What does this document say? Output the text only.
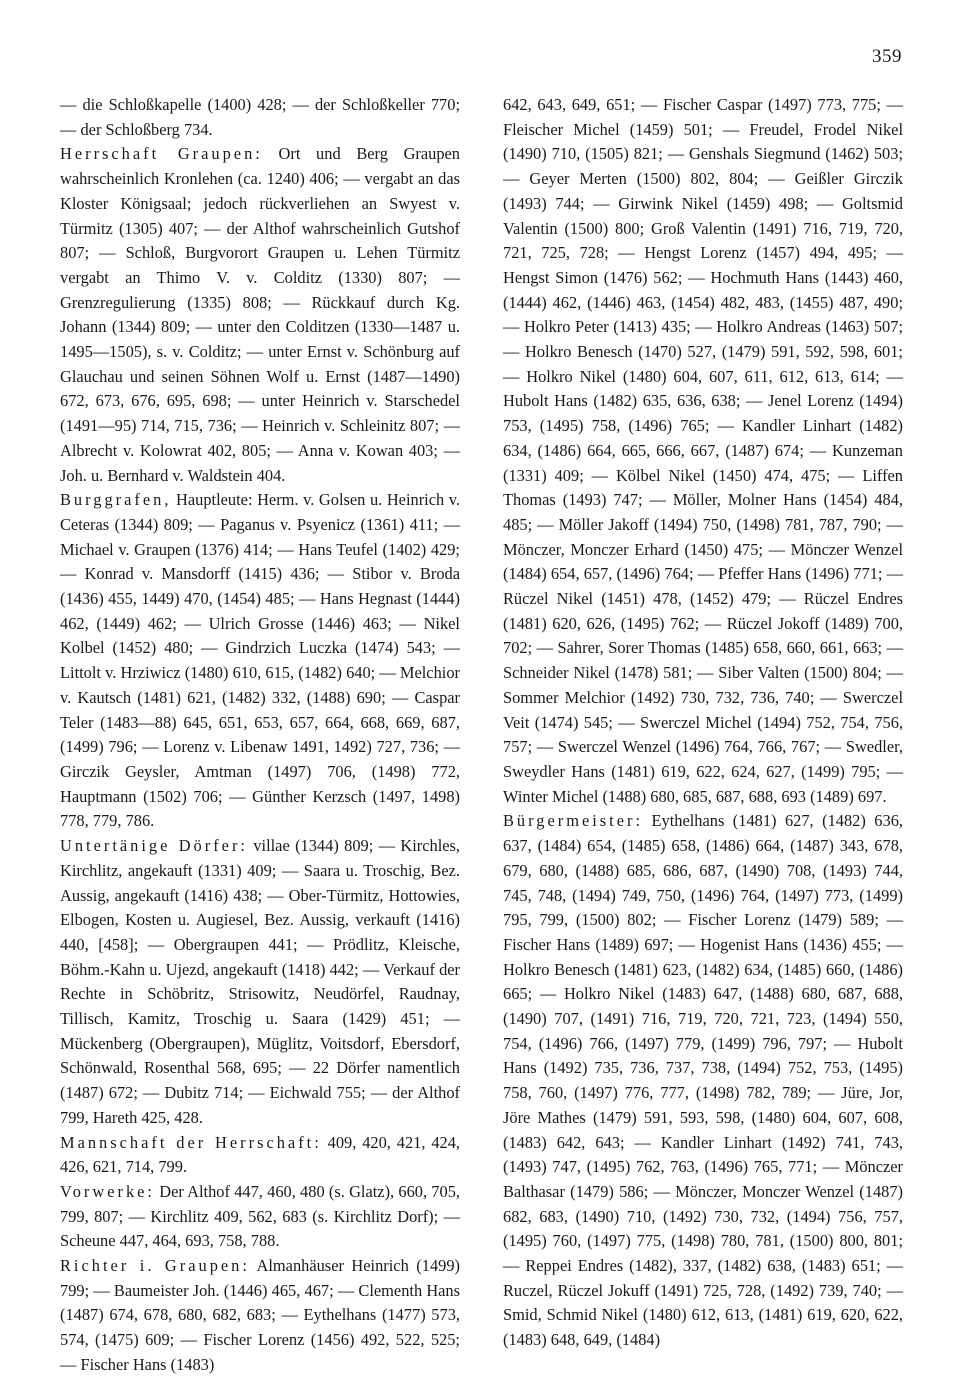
359

— die Schloßkapelle (1400) 428; — der Schloßkeller 770; — der Schloßberg 734.

Herrschaft Graupen: Ort und Berg Graupen wahrscheinlich Kronlehen (ca. 1240) 406; — vergabt an das Kloster Königsaal; jedoch rückverliehen an Swyest v. Türmitz (1305) 407; — der Althof wahrscheinlich Gutshof 807; — Schloß, Burgvorort Graupen u. Lehen Türmitz vergabt an Thimo V. v. Colditz (1330) 807; — Grenzregulierung (1335) 808; — Rückkauf durch Kg. Johann (1344) 809; — unter den Colditzen (1330—1487 u. 1495—1505), s. v. Colditz; — unter Ernst v. Schönburg auf Glauchau und seinen Söhnen Wolf u. Ernst (1487—1490) 672, 673, 676, 695, 698; — unter Heinrich v. Starschedel (1491—95) 714, 715, 736; — Heinrich v. Schleinitz 807; — Albrecht v. Kolowrat 402, 805; — Anna v. Kowan 403; — Joh. u. Bernhard v. Waldstein 404.

Burggrafen, Hauptleute: Herm. v. Golsen u. Heinrich v. Ceteras (1344) 809; — Paganus v. Psyenicz (1361) 411; — Michael v. Graupen (1376) 414; — Hans Teufel (1402) 429; — Konrad v. Mansdorff (1415) 436; — Stibor v. Broda (1436) 455, 1449) 470, (1454) 485; — Hans Hegnast (1444) 462, (1449) 462; — Ulrich Grosse (1446) 463; — Nikel Kolbel (1452) 480; — Gindrzich Luczka (1474) 543; — Littolt v. Hrziwicz (1480) 610, 615, (1482) 640; — Melchior v. Kautsch (1481) 621, (1482) 332, (1488) 690; — Caspar Teler (1483—88) 645, 651, 653, 657, 664, 668, 669, 687, (1499) 796; — Lorenz v. Libenaw 1491, 1492) 727, 736; — Girczik Geysler, Amtman (1497) 706, (1498) 772, Hauptmann (1502) 706; — Günther Kerzsch (1497, 1498) 778, 779, 786.

Untertänige Dörfer: villae (1344) 809; — Kirchles, Kirchlitz, angekauft (1331) 409; — Saara u. Troschig, Bez. Aussig, angekauft (1416) 438; — Ober-Türmitz, Hottowies, Elbogen, Kosten u. Augiesel, Bez. Aussig, verkauft (1416) 440, [458]; — Obergraupen 441; — Prödlitz, Kleische, Böhm.-Kahn u. Ujezd, angekauft (1418) 442; — Verkauf der Rechte in Schöbritz, Strisowitz, Neudörfel, Raudnay, Tillisch, Kamitz, Troschig u. Saara (1429) 451; — Mückenberg (Obergraupen), Müglitz, Voitsdorf, Ebersdorf, Schönwald, Rosenthal 568, 695; — 22 Dörfer namentlich (1487) 672; — Dubitz 714; — Eichwald 755; — der Althof 799, Hareth 425, 428.

Mannschaft der Herrschaft: 409, 420, 421, 424, 426, 621, 714, 799.

Vorwerke: Der Althof 447, 460, 480 (s. Glatz), 660, 705, 799, 807; — Kirchlitz 409, 562, 683 (s. Kirchlitz Dorf); — Scheune 447, 464, 693, 758, 788.

Richter i. Graupen: Almanhäuser Heinrich (1499) 799; — Baumeister Joh. (1446) 465, 467; — Clementh Hans (1487) 674, 678, 680, 682, 683; — Eythelhans (1477) 573, 574, (1475) 609; — Fischer Lorenz (1456) 492, 522, 525; — Fischer Hans (1483)

642, 643, 649, 651; — Fischer Caspar (1497) 773, 775; — Fleischer Michel (1459) 501; — Freudel, Frodel Nikel (1490) 710, (1505) 821; — Genshals Siegmund (1462) 503; — Geyer Merten (1500) 802, 804; — Geißler Girczik (1493) 744; — Girwink Nikel (1459) 498; — Goltsmid Valentin (1500) 800; Groß Valentin (1491) 716, 719, 720, 721, 725, 728; — Hengst Lorenz (1457) 494, 495; — Hengst Simon (1476) 562; — Hochmuth Hans (1443) 460, (1444) 462, (1446) 463, (1454) 482, 483, (1455) 487, 490; — Holkro Peter (1413) 435; — Holkro Andreas (1463) 507; — Holkro Benesch (1470) 527, (1479) 591, 592, 598, 601; — Holkro Nikel (1480) 604, 607, 611, 612, 613, 614; — Hubolt Hans (1482) 635, 636, 638; — Jenel Lorenz (1494) 753, (1495) 758, (1496) 765; — Kandler Linhart (1482) 634, (1486) 664, 665, 666, 667, (1487) 674; — Kunzeman (1331) 409; — Kölbel Nikel (1450) 474, 475; — Liffen Thomas (1493) 747; — Möller, Molner Hans (1454) 484, 485; — Möller Jakoff (1494) 750, (1498) 781, 787, 790; — Mönczer, Monczer Erhard (1450) 475; — Mönczer Wenzel (1484) 654, 657, (1496) 764; — Pfeffer Hans (1496) 771; — Rüczel Nikel (1451) 478, (1452) 479; — Rüczel Endres (1481) 620, 626, (1495) 762; — Rüczel Jokoff (1489) 700, 702; — Sahrer, Sorer Thomas (1485) 658, 660, 661, 663; — Schneider Nikel (1478) 581; — Siber Valten (1500) 804; — Sommer Melchior (1492) 730, 732, 736, 740; — Swerczel Veit (1474) 545; — Swerczel Michel (1494) 752, 754, 756, 757; — Swerczel Wenzel (1496) 764, 766, 767; — Swedler, Sweydler Hans (1481) 619, 622, 624, 627, (1499) 795; — Winter Michel (1488) 680, 685, 687, 688, 693 (1489) 697.

Bürgermeister: Eythelhans (1481) 627, (1482) 636, 637, (1484) 654, (1485) 658, (1486) 664, (1487) 343, 678, 679, 680, (1488) 685, 686, 687, (1490) 708, (1493) 744, 745, 748, (1494) 749, 750, (1496) 764, (1497) 773, (1499) 795, 799, (1500) 802; — Fischer Lorenz (1479) 589; — Fischer Hans (1489) 697; — Hogenist Hans (1436) 455; — Holkro Benesch (1481) 623, (1482) 634, (1485) 660, (1486) 665; — Holkro Nikel (1483) 647, (1488) 680, 687, 688, (1490) 707, (1491) 716, 719, 720, 721, 723, (1494) 550, 754, (1496) 766, (1497) 779, (1499) 796, 797; — Hubolt Hans (1492) 735, 736, 737, 738, (1494) 752, 753, (1495) 758, 760, (1497) 776, 777, (1498) 782, 789; — Jüre, Jor, Jöre Mathes (1479) 591, 593, 598, (1480) 604, 607, 608, (1483) 642, 643; — Kandler Linhart (1492) 741, 743, (1493) 747, (1495) 762, 763, (1496) 765, 771; — Mönczer Balthasar (1479) 586; — Mönczer, Monczer Wenzel (1487) 682, 683, (1490) 710, (1492) 730, 732, (1494) 756, 757, (1495) 760, (1497) 775, (1498) 780, 781, (1500) 800, 801; — Reppei Endres (1482), 337, (1482) 638, (1483) 651; — Ruczel, Rüczel Jokuff (1491) 725, 728, (1492) 739, 740; —Smid, Schmid Nikel (1480) 612, 613, (1481) 619, 620, 622, (1483) 648, 649, (1484)
